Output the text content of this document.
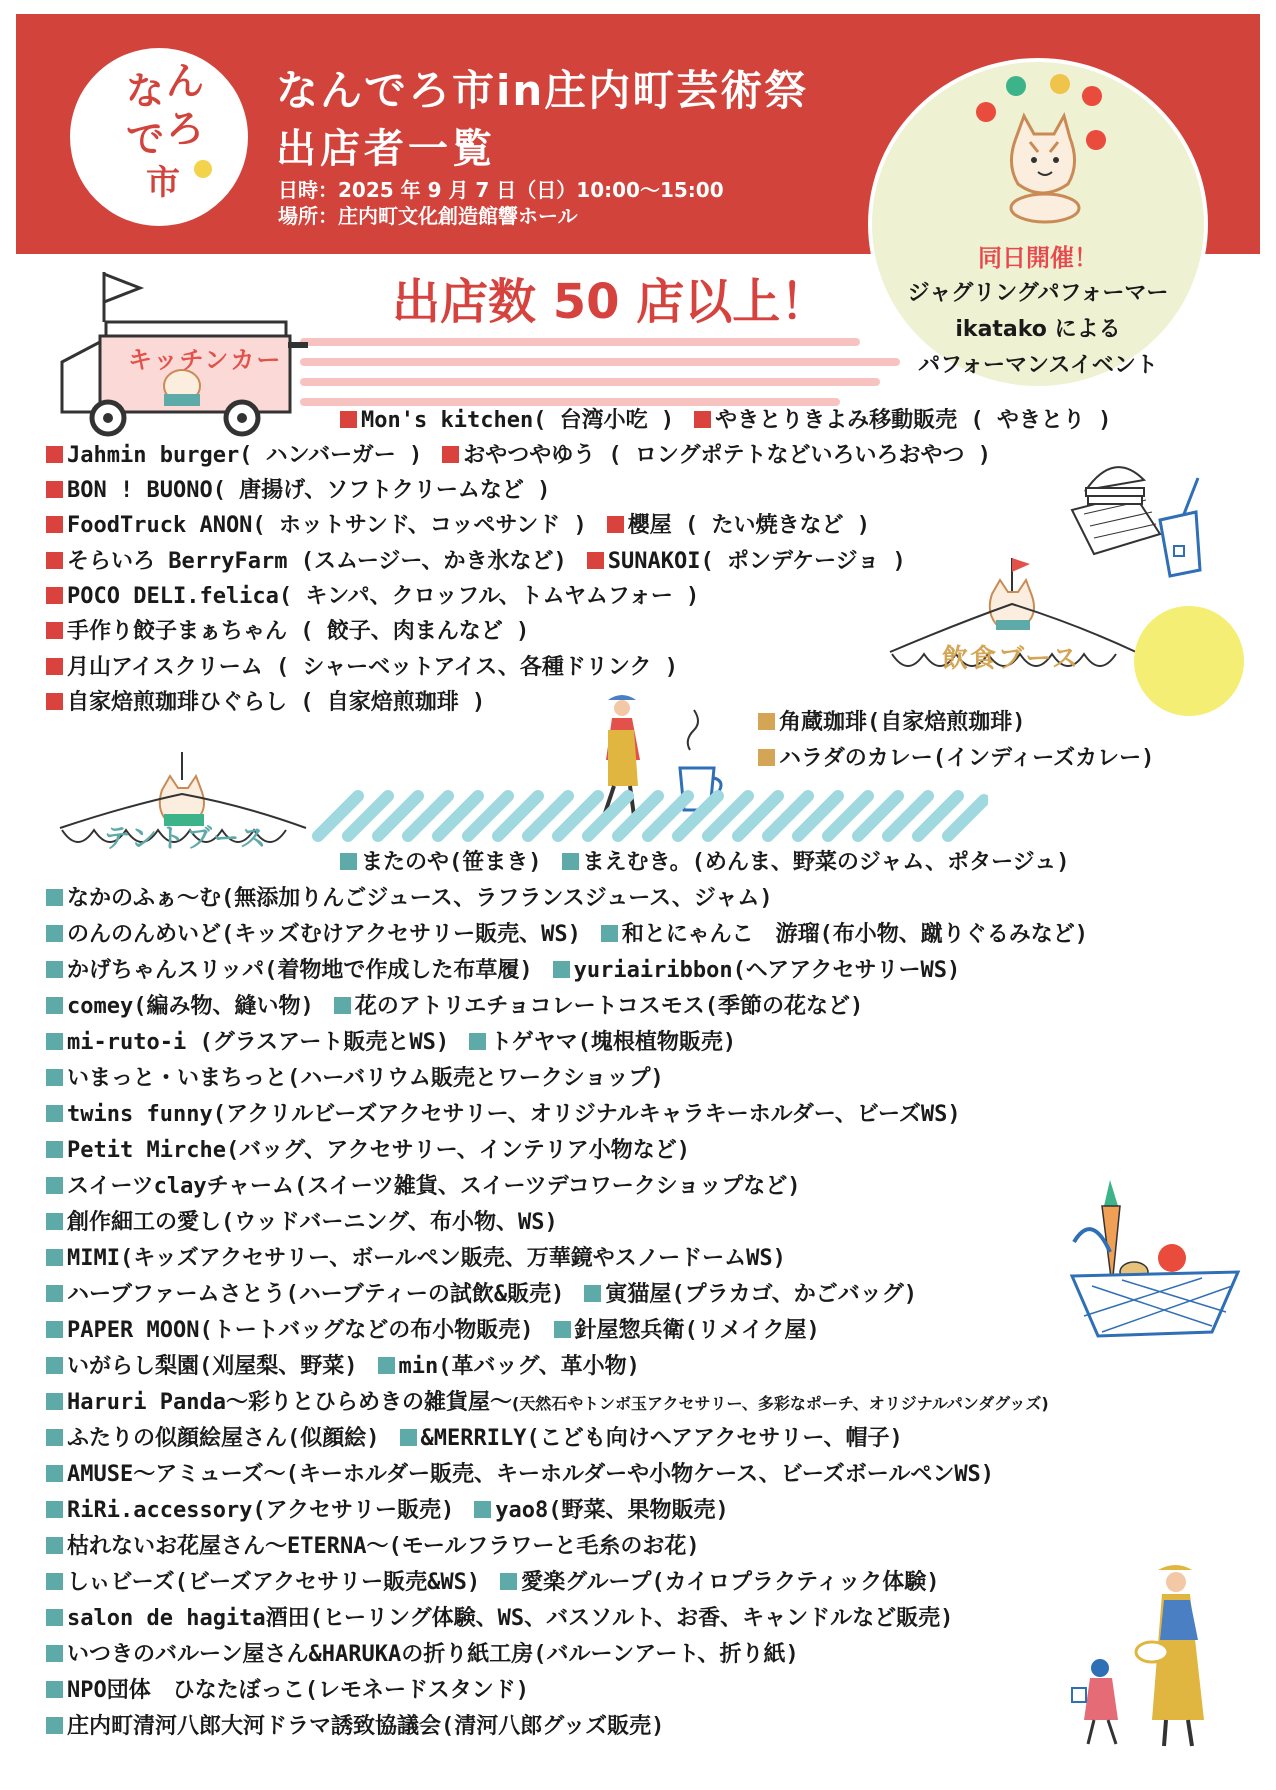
な ん
で ろ
市
なんでろ市in庄内町芸術祭
出店者一覧
日時：2025 年 9 月 7 日（日）10:00～15:00
場所：庄内町文化創造館響ホール
同日開催！
ジャグリングパフォーマー
ikatako による
パフォーマンスイベント
出店数 50 店以上！
キッチンカー
Mon's kitchen( 台湾小吃 ) やきとりきよみ移動販売 ( やきとり )
Jahmin burger( ハンバーガー ) おやつやゆう ( ロングポテトなどいろいろおやつ )
BON ! BUONO( 唐揚げ、ソフトクリームなど )
FoodTruck ANON( ホットサンド、コッペサンド ) 櫻屋 ( たい焼きなど )
そらいろ BerryFarm (スムージー、かき氷など) SUNAKOI( ポンデケージョ )
POCO DELI.felica( キンパ、クロッフル、トムヤムフォー )
手作り餃子まぁちゃん ( 餃子、肉まんなど )
月山アイスクリーム ( シャーベットアイス、各種ドリンク )
自家焙煎珈琲ひぐらし ( 自家焙煎珈琲 )
飲食ブース
角蔵珈琲(自家焙煎珈琲)
ハラダのカレー(インディーズカレー)
テントブース
またのや(笹まき) まえむき。(めんま、野菜のジャム、ポタージュ)
なかのふぁ～む(無添加りんごジュース、ラフランスジュース、ジャム)
のんのんめいど(キッズむけアクセサリー販売、WS) 和とにゃんこ　游瑠(布小物、蹴りぐるみなど)
かげちゃんスリッパ(着物地で作成した布草履) yuriairibbon(ヘアアクセサリーWS)
comey(編み物、縫い物) 花のアトリエチョコレートコスモス(季節の花など)
mi-ruto-i (グラスアート販売とWS) トゲヤマ(塊根植物販売)
いまっと・いまちっと(ハーバリウム販売とワークショップ)
twins funny(アクリルビーズアクセサリー、オリジナルキャラキーホルダー、ビーズWS)
Petit Mirche(バッグ、アクセサリー、インテリア小物など)
スイーツclayチャーム(スイーツ雑貨、スイーツデコワークショップなど)
創作細工の愛し(ウッドバーニング、布小物、WS)
MIMI(キッズアクセサリー、ボールペン販売、万華鏡やスノードームWS)
ハーブファームさとう(ハーブティーの試飲&販売) 寅猫屋(プラカゴ、かごバッグ)
PAPER MOON(トートバッグなどの布小物販売) 針屋惣兵衛(リメイク屋)
いがらし梨園(刈屋梨、野菜) min(革バッグ、革小物)
Haruri Panda～彩りとひらめきの雑貨屋～(天然石やトンボ玉アクセサリー、多彩なポーチ、オリジナルパンダグッズ)
ふたりの似顔絵屋さん(似顔絵) &MERRILY(こども向けヘアアクセサリー、帽子)
AMUSE～アミューズ～(キーホルダー販売、キーホルダーや小物ケース、ビーズボールペンWS)
RiRi.accessory(アクセサリー販売) yao8(野菜、果物販売)
枯れないお花屋さん～ETERNA～(モールフラワーと毛糸のお花)
しぃビーズ(ビーズアクセサリー販売&WS) 愛楽グループ(カイロプラクティック体験)
salon de hagita酒田(ヒーリング体験、WS、バスソルト、お香、キャンドルなど販売)
いつきのバルーン屋さん&HARUKAの折り紙工房(バルーンアート、折り紙)
NPO団体　ひなたぼっこ(レモネードスタンド)
庄内町清河八郎大河ドラマ誘致協議会(清河八郎グッズ販売)
